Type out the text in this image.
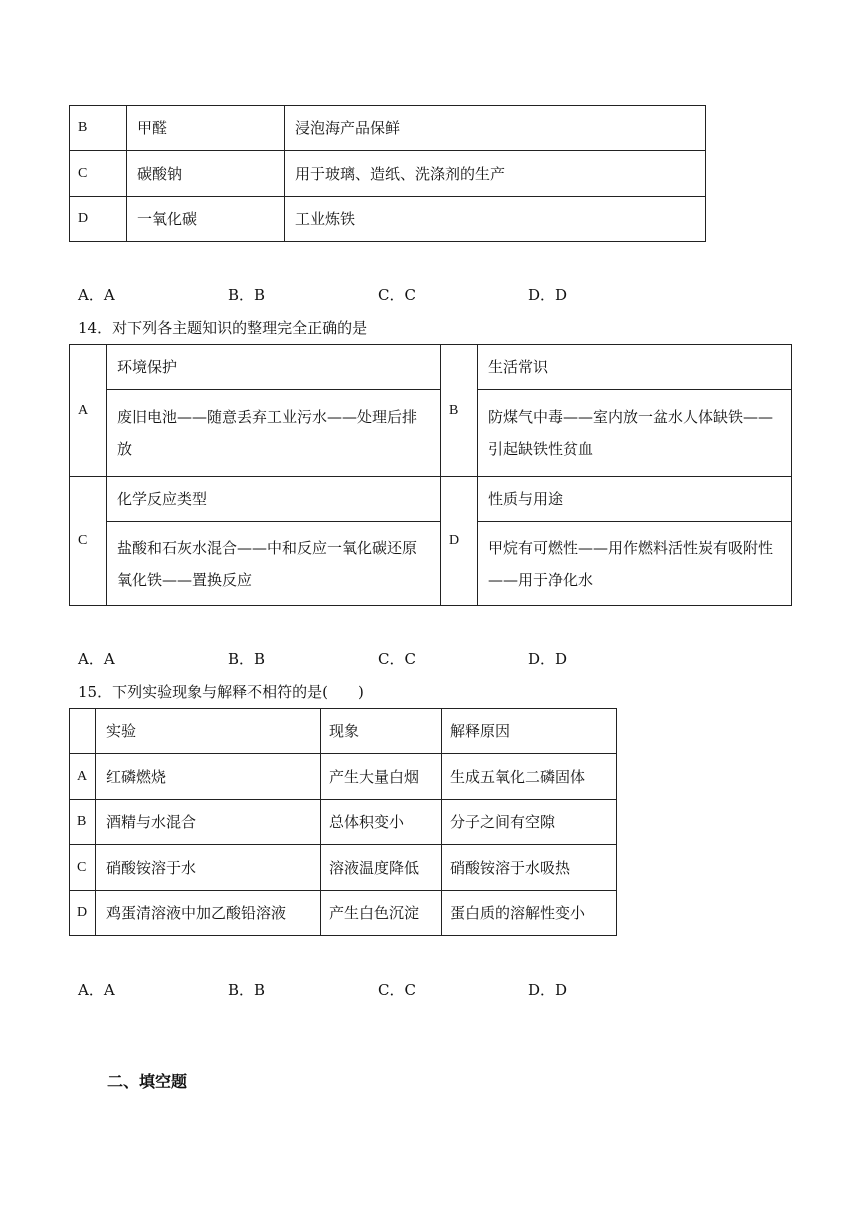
B	甲醛	浸泡海产品保鲜
C	碳酸钠	用于玻璃、造纸、洗涤剂的生产
D	一氧化碳	工业炼铁
A．A	B．B	C．C	D．D
14．对下列各主题知识的整理完全正确的是
A	环境保护	B	生活常识
	废旧电池——随意丢弃工业污水——处理后排放		防煤气中毒——室内放一盆水人体缺铁——引起缺铁性贫血
C	化学反应类型	D	性质与用途
	盐酸和石灰水混合——中和反应一氧化碳还原氧化铁——置换反应		甲烷有可燃性——用作燃料活性炭有吸附性——用于净化水
A．A	B．B	C．C	D．D
15．下列实验现象与解释不相符的是(　　)
	实验	现象	解释原因
A	红磷燃烧	产生大量白烟	生成五氧化二磷固体
B	酒精与水混合	总体积变小	分子之间有空隙
C	硝酸铵溶于水	溶液温度降低	硝酸铵溶于水吸热
D	鸡蛋清溶液中加乙酸铅溶液	产生白色沉淀	蛋白质的溶解性变小
A．A	B．B	C．C	D．D
二、填空题
